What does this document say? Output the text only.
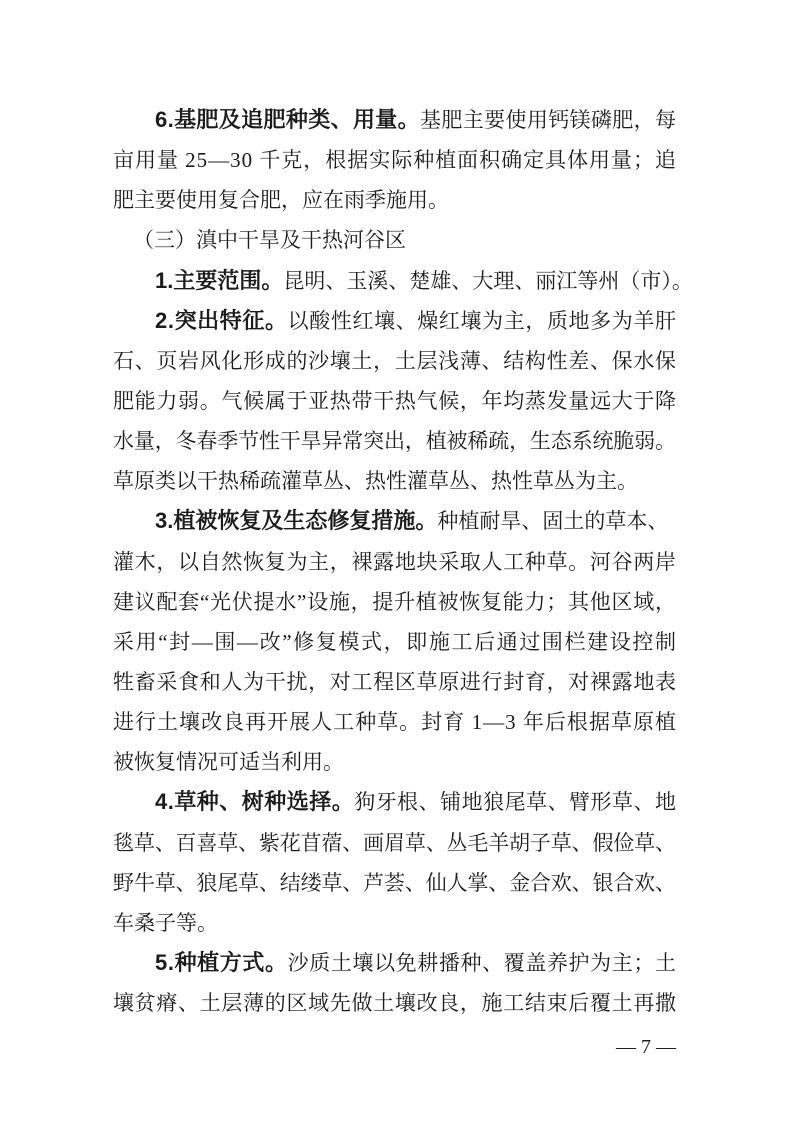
6.基肥及追肥种类、用量。基肥主要使用钙镁磷肥，每
亩用量 25—30 千克，根据实际种植面积确定具体用量；追
肥主要使用复合肥，应在雨季施用。
（三）滇中干旱及干热河谷区
1.主要范围。昆明、玉溪、楚雄、大理、丽江等州（市）。
2.突出特征。以酸性红壤、燥红壤为主，质地多为羊肝
石、页岩风化形成的沙壤土，土层浅薄、结构性差、保水保
肥能力弱。气候属于亚热带干热气候，年均蒸发量远大于降
水量，冬春季节性干旱异常突出，植被稀疏，生态系统脆弱。
草原类以干热稀疏灌草丛、热性灌草丛、热性草丛为主。
3.植被恢复及生态修复措施。种植耐旱、固土的草本、
灌木，以自然恢复为主，裸露地块采取人工种草。河谷两岸
建议配套“光伏提水”设施，提升植被恢复能力；其他区域，
采用“封—围—改”修复模式，即施工后通过围栏建设控制
牲畜采食和人为干扰，对工程区草原进行封育，对裸露地表
进行土壤改良再开展人工种草。封育 1—3 年后根据草原植
被恢复情况可适当利用。
4.草种、树种选择。狗牙根、铺地狼尾草、臂形草、地
毯草、百喜草、紫花苜蓿、画眉草、丛毛羊胡子草、假俭草、
野牛草、狼尾草、结缕草、芦荟、仙人掌、金合欢、银合欢、
车桑子等。
5.种植方式。沙质土壤以免耕播种、覆盖养护为主；土
壤贫瘠、土层薄的区域先做土壤改良，施工结束后覆土再撒
— 7 —
